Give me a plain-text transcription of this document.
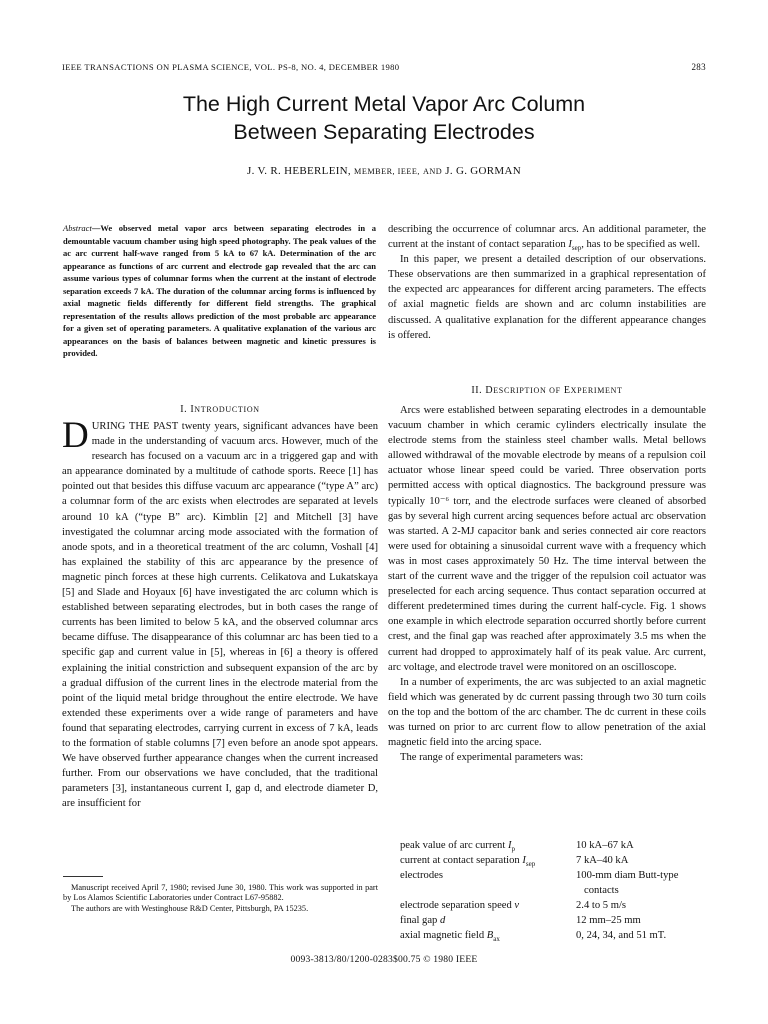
IEEE TRANSACTIONS ON PLASMA SCIENCE, VOL. PS-8, NO. 4, DECEMBER 1980	283
The High Current Metal Vapor Arc Column
Between Separating Electrodes
J. V. R. HEBERLEIN, MEMBER, IEEE, AND J. G. GORMAN

Abstract—We observed metal vapor arcs between separating electrodes in a demountable vacuum chamber using high speed photography. The peak values of the ac arc current half-wave ranged from 5 kA to 67 kA. Determination of the arc appearance as functions of arc current and electrode gap revealed that the arc can assume various types of columnar forms when the current at the instant of electrode separation exceeds 7 kA. The duration of the columnar arcing forms is influenced by axial magnetic fields differently for different field strengths. The graphical representation of the results allows prediction of the most probable arc appearance for a given set of operating parameters. A qualitative explanation of the various arc appearances on the basis of balances between magnetic and kinetic pressures is provided.

I. INTRODUCTION

DURING THE PAST twenty years, significant advances have been made in the understanding of vacuum arcs. However, much of the research has focused on a vacuum arc in a triggered gap and with an appearance dominated by a multitude of cathode sports. Reece [1] has pointed out that besides this diffuse vacuum arc appearance (“type A” arc) a columnar form of the arc exists when electrodes are separated at levels around 10 kA (“type B” arc). Kimblin [2] and Mitchell [3] have investigated the columnar arcing mode associated with the formation of anode spots, and in a theoretical treatment of the arc column, Voshall [4] has explained the stability of this arc appearance by the presence of magnetic pinch forces at these high currents. Celikatova and Lukatskaya [5] and Slade and Hoyaux [6] have investigated the arc column which is established between separating electrodes, but in both cases the range of currents has been limited to below 5 kA, and the observed columnar arcs became diffuse. The disappearance of this columnar arc has been tied to a specific gap and current value in [5], whereas in [6] a theory is offered explaining the initial constriction and subsequent expansion of the arc by a gradual diffusion of the current lines in the electrode material from the point of the liquid metal bridge throughout the entire electrode. We have extended these experiments over a wide range of parameters and have found that separating electrodes, carrying current in excess of 7 kA, leads to the formation of stable columns [7] even before an anode spot appears. We have observed further appearance changes when the current increased further. From our observations we have concluded, that the traditional parameters [3], instantaneous current I, gap d, and electrode diameter D, are insufficient for

describing the occurrence of columnar arcs. An additional parameter, the current at the instant of contact separation $I_{sep}$, has to be specified as well.

In this paper, we present a detailed description of our observations. These observations are then summarized in a graphical representation of the expected arc appearances for different arcing parameters. The effects of axial magnetic fields are shown and arc column instabilities are discussed. A qualitative explanation for the different appearance changes is offered.

II. DESCRIPTION OF EXPERIMENT

Arcs were established between separating electrodes in a demountable vacuum chamber in which ceramic cylinders electrically insulate the electrode stems from the stainless steel chamber walls. Metal bellows allowed withdrawal of the movable electrode by means of a repulsion coil actuator whose linear speed could be varied. Three observation ports permitted access with optical diagnostics. The background pressure was typically 10⁻⁶ torr, and the electrode surfaces were cleaned of absorbed gas by several high current arcing sequences before actual arc observation was started. A 2-MJ capacitor bank and series connected air core reactors were used for obtaining a sinusoidal current wave with a frequency which was in most cases approximately 50 Hz. The time interval between the start of the current wave and the trigger of the repulsion coil actuator was preselected for each arcing sequence. Thus contact separation occurred at different predetermined times during the current half-cycle. Fig. 1 shows one example in which electrode separation occurred shortly before current crest, and the final gap was reached after approximately 3.5 ms when the current had dropped to approximately half of its peak value. Arc current, arc voltage, and electrode travel were monitored on an oscilloscope.

In a number of experiments, the arc was subjected to an axial magnetic field which was generated by dc current passing through two 30 turn coils on the top and the bottom of the arc chamber. The dc current in these coils was turned on prior to arc current flow to allow penetration of the axial magnetic field into the arcing space.

The range of experimental parameters was:

peak value of arc current $I_p$	10 kA–67 kA
current at contact separation $I_{sep}$	7 kA–40 kA
electrodes	100-mm diam Butt-type
contacts
electrode separation speed v	2.4 to 5 m/s
final gap d	12 mm–25 mm
axial magnetic field $B_{ax}$	0, 24, 34, and 51 mT.

Manuscript received April 7, 1980; revised June 30, 1980. This work was supported in part by Los Alamos Scientific Laboratories under Contract L67-95882.

The authors are with Westinghouse R&D Center, Pittsburgh, PA 15235.

0093-3813/80/1200-0283$00.75 © 1980 IEEE
